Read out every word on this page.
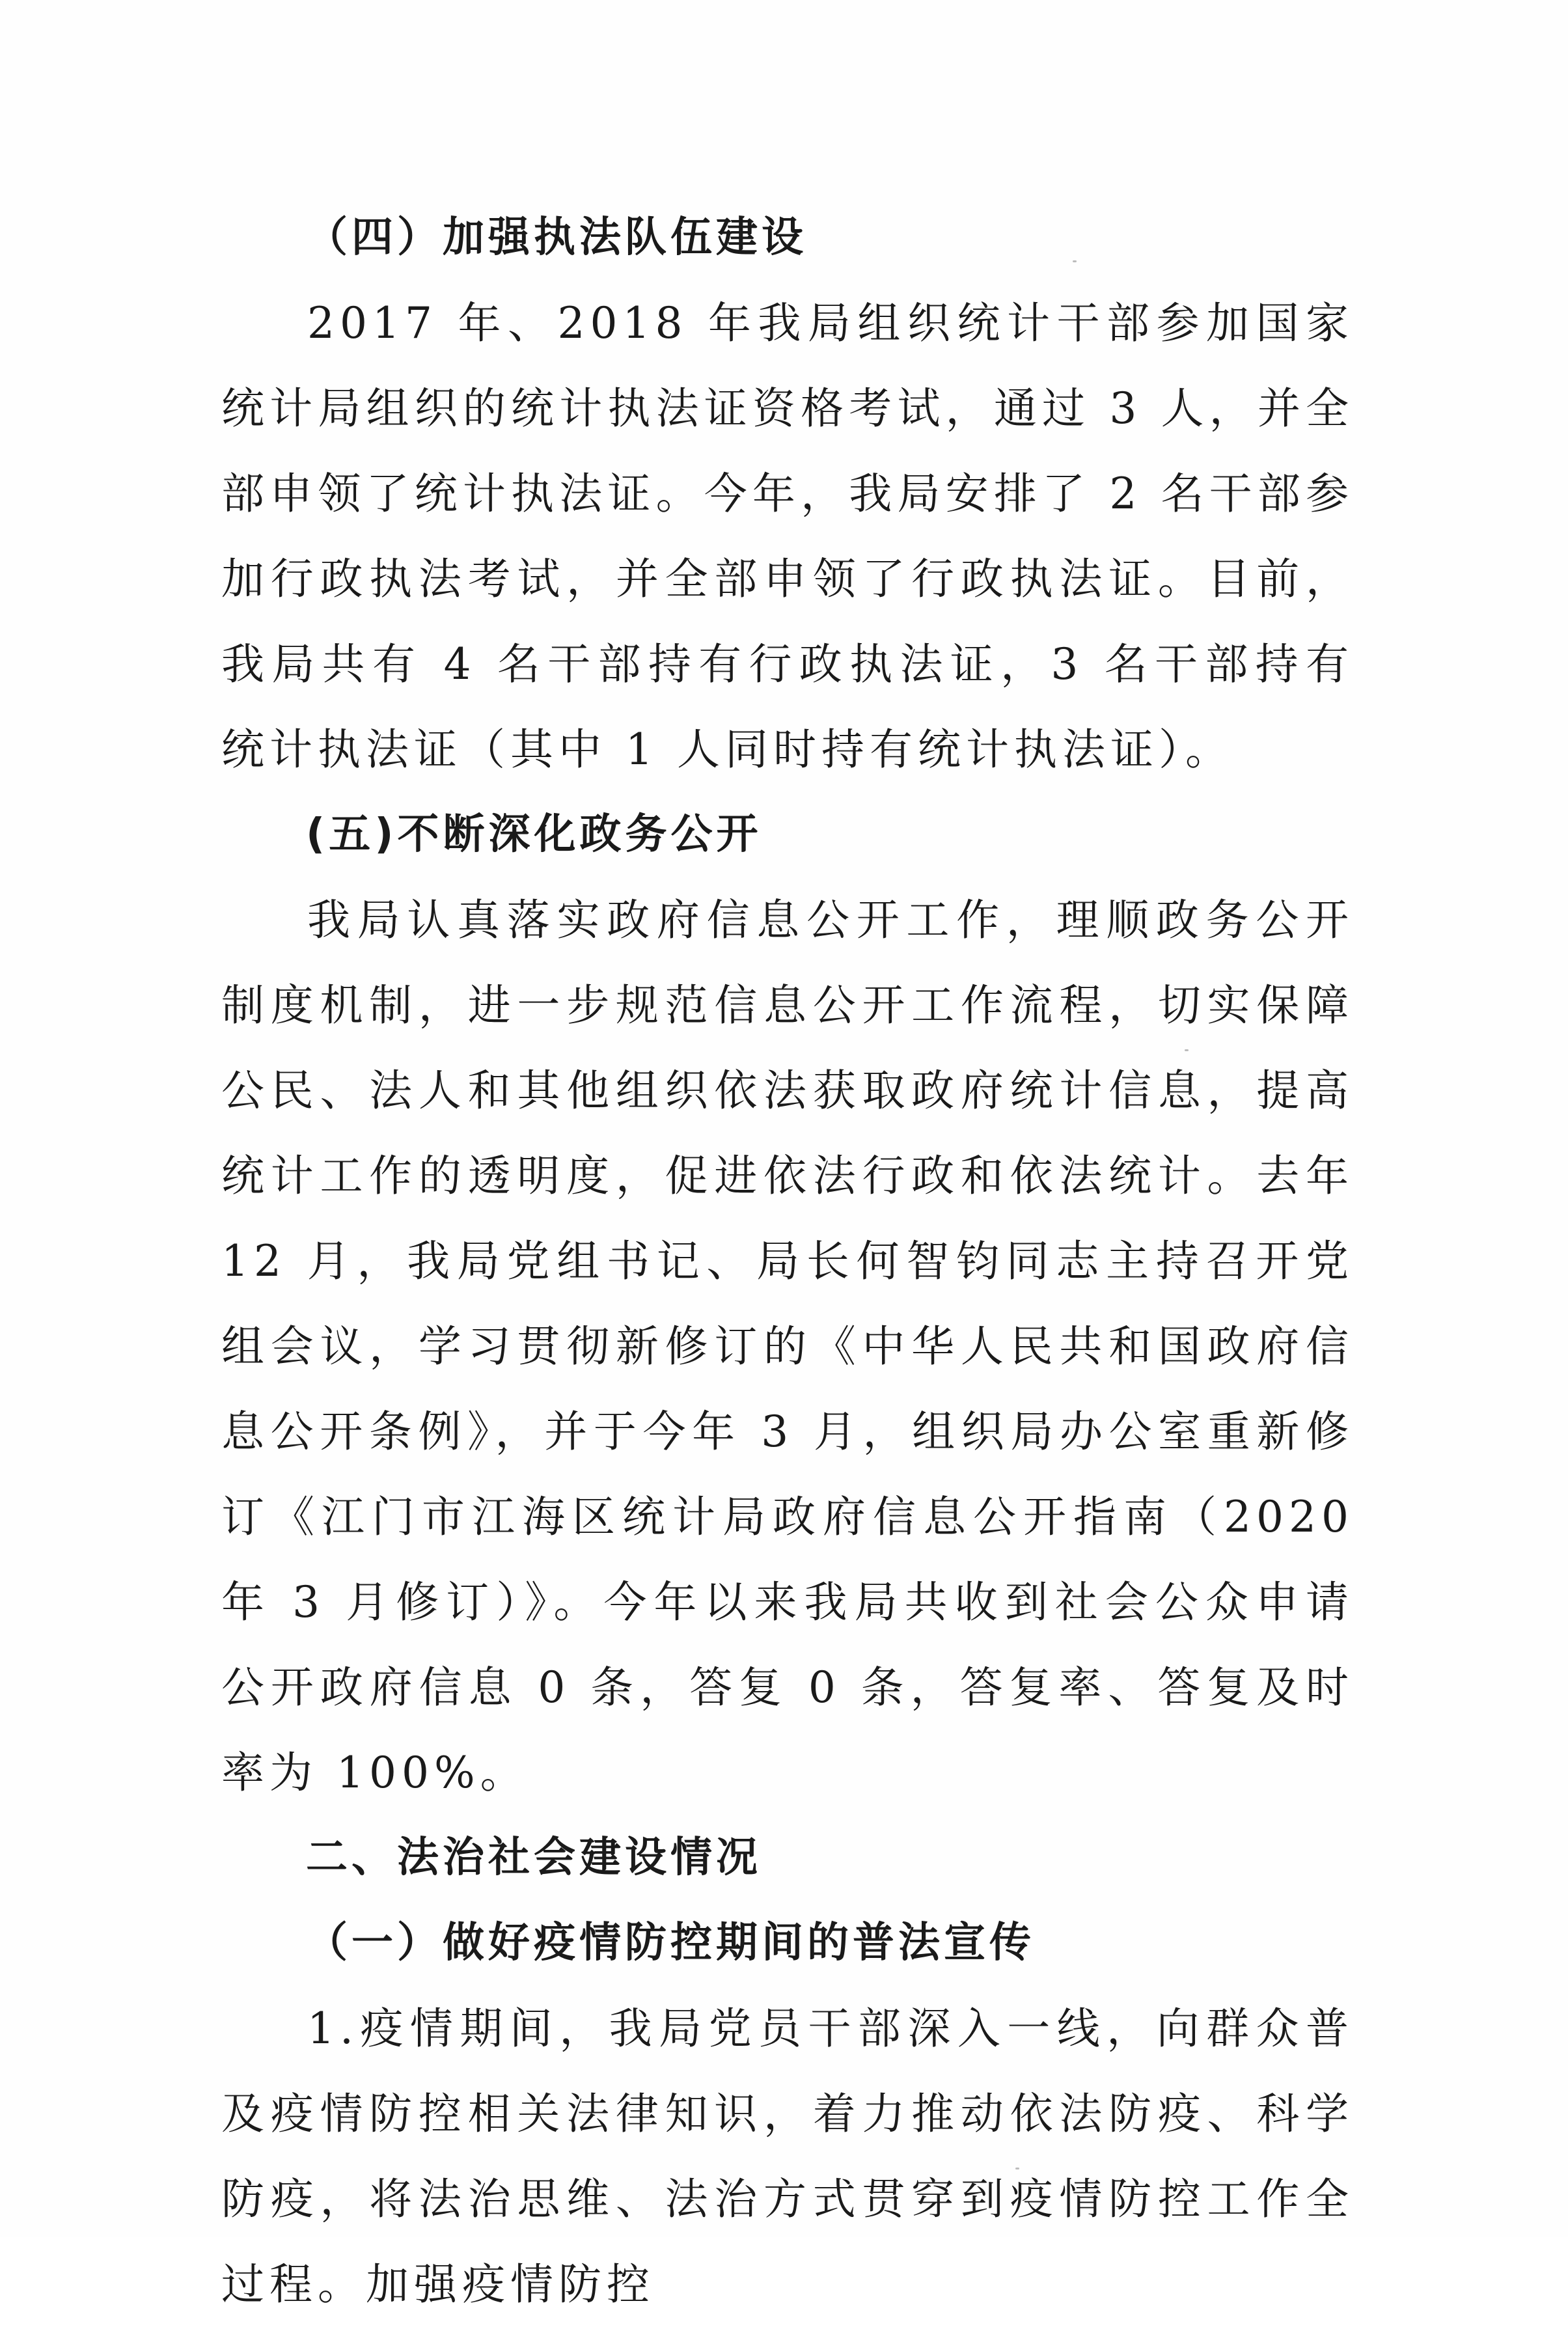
（四）加强执法队伍建设

2017 年、2018 年我局组织统计干部参加国家统计局组织的统计执法证资格考试，通过 3 人，并全部申领了统计执法证。今年，我局安排了 2 名干部参加行政执法考试，并全部申领了行政执法证。目前，我局共有 4 名干部持有行政执法证，3 名干部持有统计执法证（其中 1 人同时持有统计执法证）。

(五)不断深化政务公开

我局认真落实政府信息公开工作，理顺政务公开制度机制，进一步规范信息公开工作流程，切实保障公民、法人和其他组织依法获取政府统计信息，提高统计工作的透明度，促进依法行政和依法统计。去年 12 月，我局党组书记、局长何智钧同志主持召开党组会议，学习贯彻新修订的《中华人民共和国政府信息公开条例》，并于今年 3 月，组织局办公室重新修订《江门市江海区统计局政府信息公开指南（2020 年 3 月修订）》。今年以来我局共收到社会公众申请公开政府信息 0 条，答复 0 条，答复率、答复及时率为 100%。

二、法治社会建设情况

（一）做好疫情防控期间的普法宣传

1.疫情期间，我局党员干部深入一线，向群众普及疫情防控相关法律知识，着力推动依法防疫、科学防疫，将法治思维、法治方式贯穿到疫情防控工作全过程。加强疫情防控
